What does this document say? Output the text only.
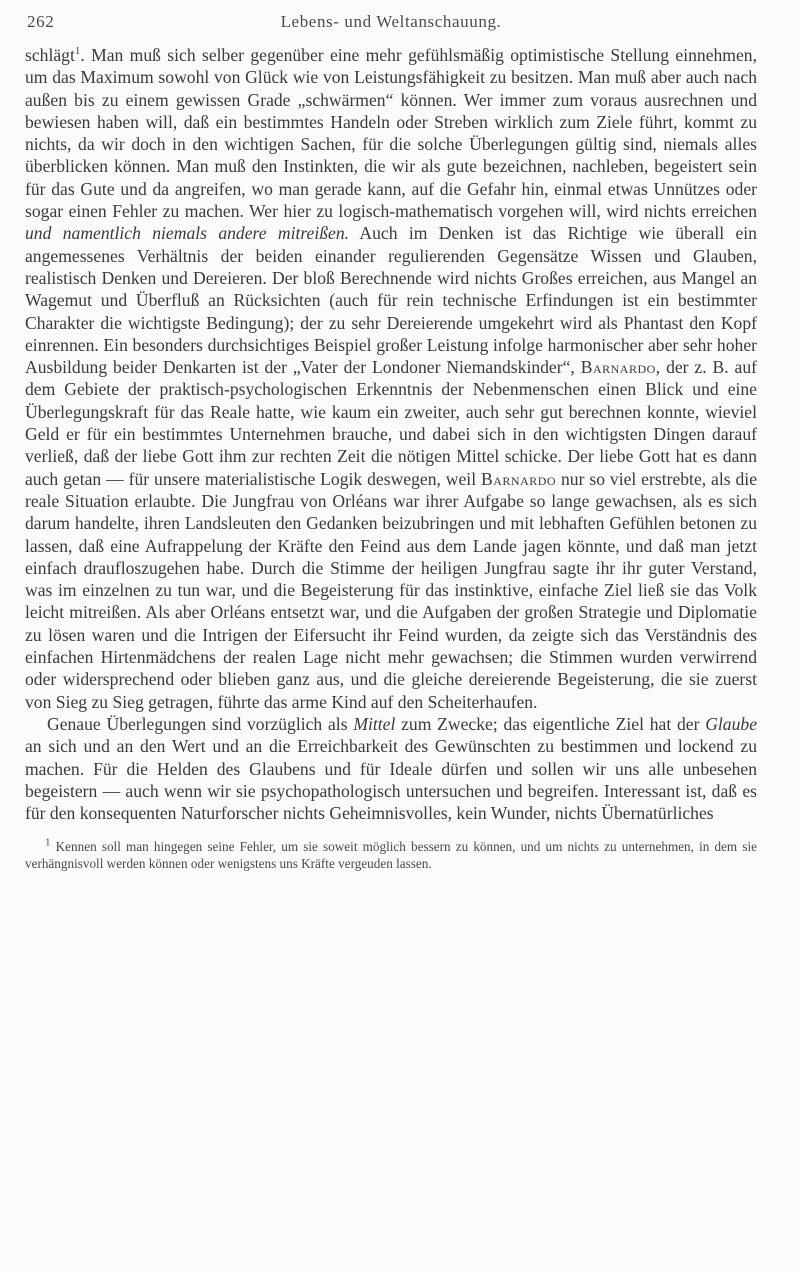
262	Lebens- und Weltanschauung.

schlägt$^1$. Man muß sich selber gegenüber eine mehr gefühlsmäßig optimistische Stellung einnehmen, um das Maximum sowohl von Glück wie von Leistungsfähigkeit zu besitzen. Man muß aber auch nach außen bis zu einem gewissen Grade „schwärmen“ können. Wer immer zum voraus ausrechnen und bewiesen haben will, daß ein bestimmtes Handeln oder Streben wirklich zum Ziele führt, kommt zu nichts, da wir doch in den wichtigen Sachen, für die solche Überlegungen gültig sind, niemals alles überblicken können. Man muß den Instinkten, die wir als gute bezeichnen, nachleben, begeistert sein für das Gute und da angreifen, wo man gerade kann, auf die Gefahr hin, einmal etwas Unnützes oder sogar einen Fehler zu machen. Wer hier zu logisch-mathematisch vorgehen will, wird nichts erreichen und namentlich niemals andere mitreißen. Auch im Denken ist das Richtige wie überall ein angemessenes Verhältnis der beiden einander regulierenden Gegensätze Wissen und Glauben, realistisch Denken und Dereieren. Der bloß Berechnende wird nichts Großes erreichen, aus Mangel an Wagemut und Überfluß an Rücksichten (auch für rein technische Erfindungen ist ein bestimmter Charakter die wichtigste Bedingung); der zu sehr Dereierende umgekehrt wird als Phantast den Kopf einrennen. Ein besonders durchsichtiges Beispiel großer Leistung infolge harmonischer aber sehr hoher Ausbildung beider Denkarten ist der „Vater der Londoner Niemandskinder“, Barnardo, der z. B. auf dem Gebiete der praktisch-psychologischen Erkenntnis der Nebenmenschen einen Blick und eine Überlegungskraft für das Reale hatte, wie kaum ein zweiter, auch sehr gut berechnen konnte, wieviel Geld er für ein bestimmtes Unternehmen brauche, und dabei sich in den wichtigsten Dingen darauf verließ, daß der liebe Gott ihm zur rechten Zeit die nötigen Mittel schicke. Der liebe Gott hat es dann auch getan — für unsere materialistische Logik deswegen, weil Barnardo nur so viel erstrebte, als die reale Situation erlaubte. Die Jungfrau von Orléans war ihrer Aufgabe so lange gewachsen, als es sich darum handelte, ihren Landsleuten den Gedanken beizubringen und mit lebhaften Gefühlen betonen zu lassen, daß eine Aufrappelung der Kräfte den Feind aus dem Lande jagen könnte, und daß man jetzt einfach draufloszugehen habe. Durch die Stimme der heiligen Jungfrau sagte ihr ihr guter Verstand, was im einzelnen zu tun war, und die Begeisterung für das instinktive, einfache Ziel ließ sie das Volk leicht mitreißen. Als aber Orléans entsetzt war, und die Aufgaben der großen Strategie und Diplomatie zu lösen waren und die Intrigen der Eifersucht ihr Feind wurden, da zeigte sich das Verständnis des einfachen Hirtenmädchens der realen Lage nicht mehr gewachsen; die Stimmen wurden verwirrend oder widersprechend oder blieben ganz aus, und die gleiche dereierende Begeisterung, die sie zuerst von Sieg zu Sieg getragen, führte das arme Kind auf den Scheiterhaufen.

Genaue Überlegungen sind vorzüglich als Mittel zum Zwecke; das eigentliche Ziel hat der Glaube an sich und an den Wert und an die Erreichbarkeit des Gewünschten zu bestimmen und lockend zu machen. Für die Helden des Glaubens und für Ideale dürfen und sollen wir uns alle unbesehen begeistern — auch wenn wir sie psychopathologisch untersuchen und begreifen. Interessant ist, daß es für den konsequenten Naturforscher nichts Geheimnisvolles, kein Wunder, nichts Übernatürliches

$^1$ Kennen soll man hingegen seine Fehler, um sie soweit möglich bessern zu können, und um nichts zu unternehmen, in dem sie verhängnisvoll werden können oder wenigstens uns Kräfte vergeuden lassen.
